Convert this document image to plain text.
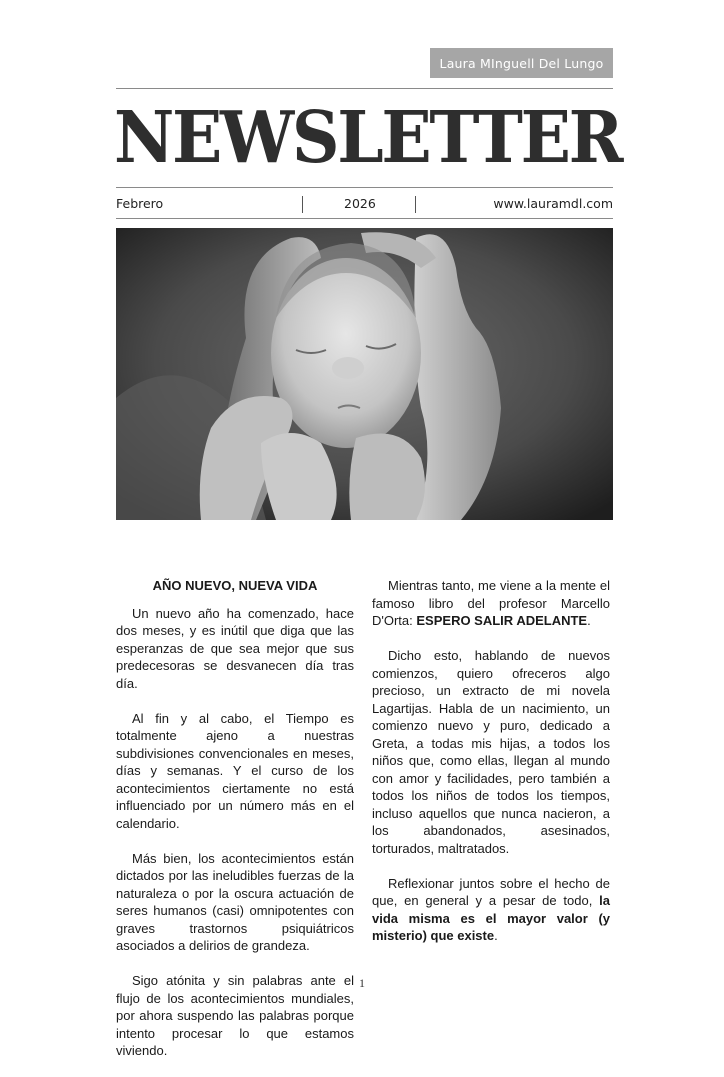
Laura MInguell Del Lungo
NEWSLETTER
Febrero	2026	www.lauramdl.com
AÑO NUEVO, NUEVA VIDA

Un nuevo año ha comenzado, hace dos meses, y es inútil que diga que las esperanzas de que sea mejor que sus predecesoras se desvanecen día tras día.

Al fin y al cabo, el Tiempo es totalmente ajeno a nuestras subdivisiones convencionales en meses, días y semanas. Y el curso de los acontecimientos ciertamente no está influenciado por un número más en el calendario.

Más bien, los acontecimientos están dictados por las ineludibles fuerzas de la naturaleza o por la oscura actuación de seres humanos (casi) omnipotentes con graves trastornos psiquiátricos asociados a delirios de grandeza.

Sigo atónita y sin palabras ante el flujo de los acontecimientos mundiales, por ahora suspendo las palabras porque intento procesar lo que estamos viviendo.

Mientras tanto, me viene a la mente el famoso libro del profesor Marcello D'Orta: ESPERO SALIR ADELANTE.

Dicho esto, hablando de nuevos comienzos, quiero ofreceros algo precioso, un extracto de mi novela Lagartijas. Habla de un nacimiento, un comienzo nuevo y puro, dedicado a Greta, a todas mis hijas, a todos los niños que, como ellas, llegan al mundo con amor y facilidades, pero también a todos los niños de todos los tiempos, incluso aquellos que nunca nacieron, a los abandonados, asesinados, torturados, maltratados.

Reflexionar juntos sobre el hecho de que, en general y a pesar de todo, la vida misma es el mayor valor (y misterio) que existe.

1
